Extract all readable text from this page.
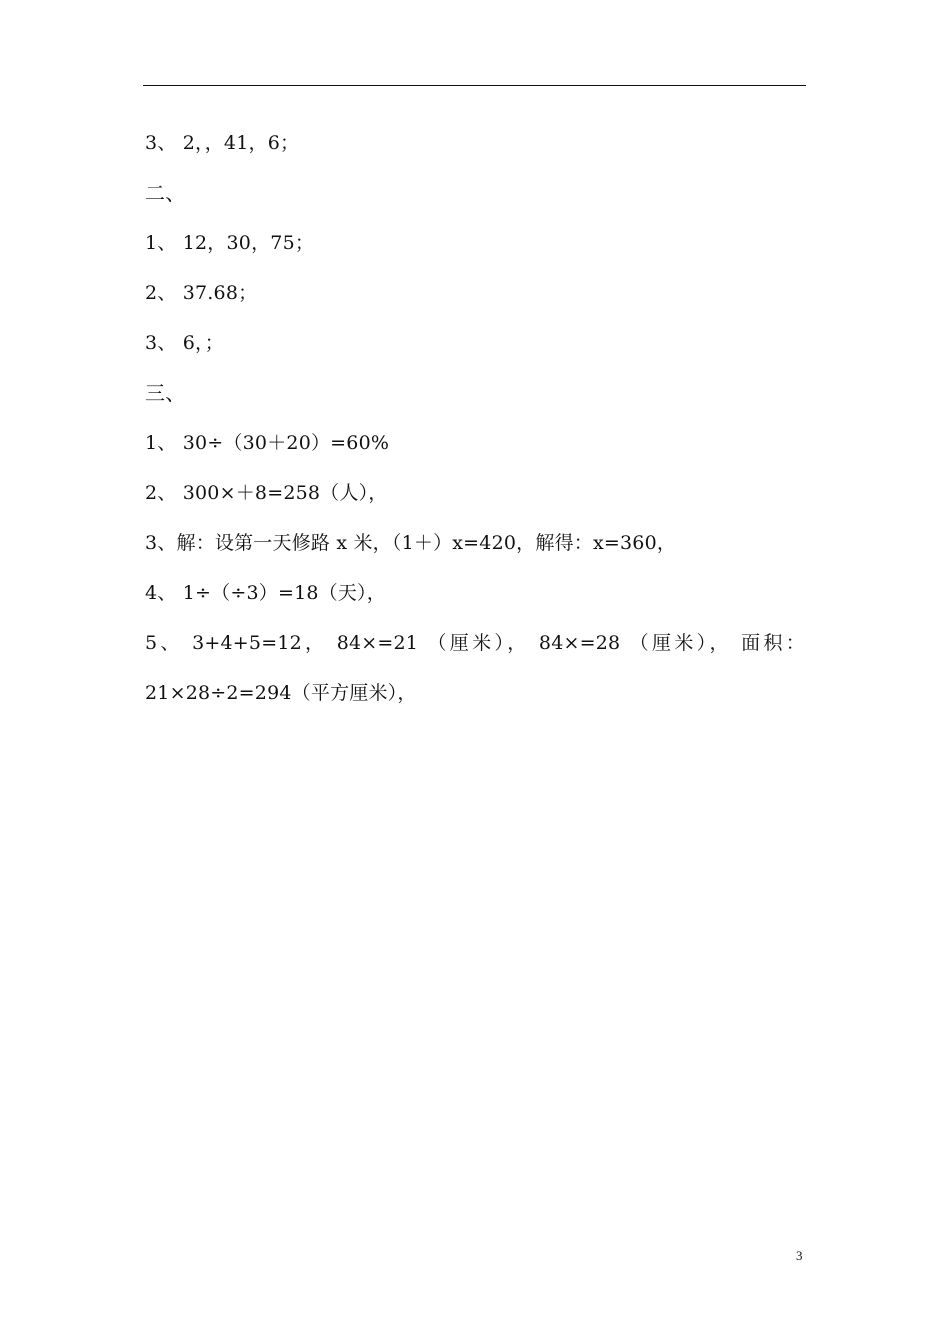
3、 2，，41，6；
二、
1、 12，30，75；
2、 37.68；
3、 6，；
三、
1、 30÷（30＋20）=60%
2、 300×＋8=258（人），
3、解：设第一天修路 x 米，（1＋）x=420，解得：x=360，
4、 1÷（÷3）=18（天），
5、 3+4+5=12， 84×=21 （厘米）， 84×=28 （厘米）， 面积：
21×28÷2=294（平方厘米），
3
